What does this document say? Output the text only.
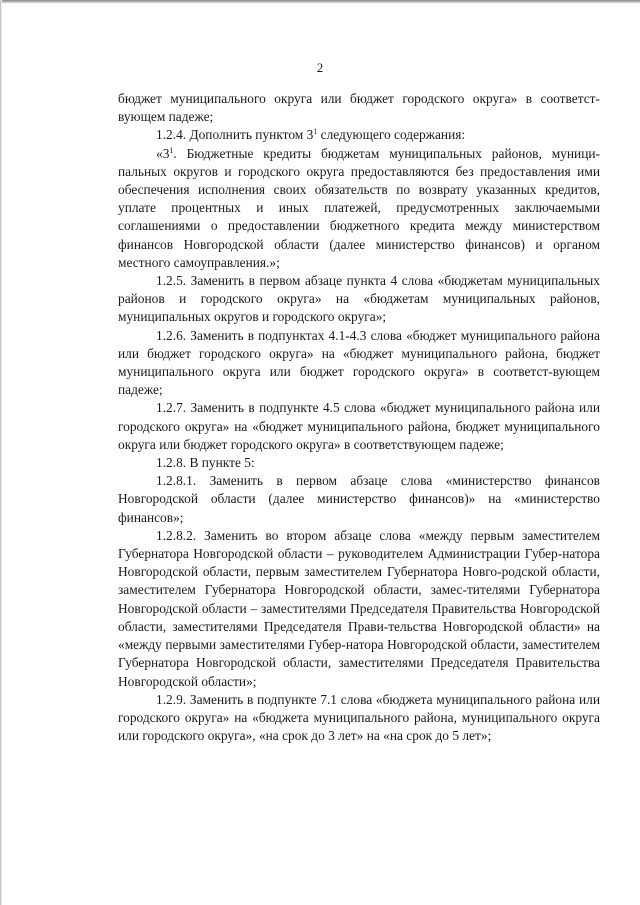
2

бюджет муниципального округа или бюджет городского округа» в соответст-вующем падеже;

1.2.4. Дополнить пунктом $3^1$ следующего содержания:

«$3^1$. Бюджетные кредиты бюджетам муниципальных районов, муници-пальных округов и городского округа предоставляются без предоставления ими обеспечения исполнения своих обязательств по возврату указанных кредитов, уплате процентных и иных платежей, предусмотренных заключаемыми соглашениями о предоставлении бюджетного кредита между министерством финансов Новгородской области (далее министерство финансов) и органом местного самоуправления.»;

1.2.5. Заменить в первом абзаце пункта 4 слова «бюджетам муниципальных районов и городского округа» на «бюджетам муниципальных районов, муниципальных округов и городского округа»;

1.2.6. Заменить в подпунктах 4.1-4.3 слова «бюджет муниципального района или бюджет городского округа» на «бюджет муниципального района, бюджет муниципального округа или бюджет городского округа» в соответст-вующем падеже;

1.2.7. Заменить в подпункте 4.5 слова «бюджет муниципального района или городского округа» на «бюджет муниципального района, бюджет муниципального округа или бюджет городского округа» в соответствующем падеже;

1.2.8. В пункте 5:

1.2.8.1. Заменить в первом абзаце слова «министерство финансов Новгородской области (далее министерство финансов)» на «министерство финансов»;

1.2.8.2. Заменить во втором абзаце слова «между первым заместителем Губернатора Новгородской области – руководителем Администрации Губер-натора Новгородской области, первым заместителем Губернатора Новго-родской области, заместителем Губернатора Новгородской области, замес-тителями Губернатора Новгородской области – заместителями Председателя Правительства Новгородской области, заместителями Председателя Прави-тельства Новгородской области» на «между первыми заместителями Губер-натора Новгородской области, заместителем Губернатора Новгородской области, заместителями Председателя Правительства Новгородской области»;

1.2.9. Заменить в подпункте 7.1 слова «бюджета муниципального района или городского округа» на «бюджета муниципального района, муниципального округа или городского округа», «на срок до 3 лет» на «на срок до 5 лет»;
